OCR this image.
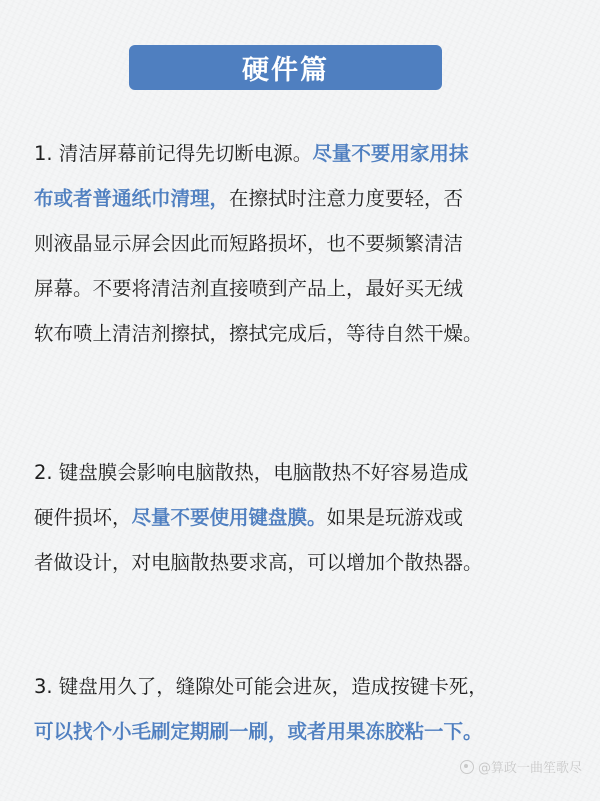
硬件篇
1. 清洁屏幕前记得先切断电源。尽量不要用家用抹
布或者普通纸巾清理，在擦拭时注意力度要轻，否
则液晶显示屏会因此而短路损坏，也不要频繁清洁
屏幕。不要将清洁剂直接喷到产品上，最好买无绒
软布喷上清洁剂擦拭，擦拭完成后，等待自然干燥。
2. 键盘膜会影响电脑散热，电脑散热不好容易造成
硬件损坏，尽量不要使用键盘膜。如果是玩游戏或
者做设计，对电脑散热要求高，可以增加个散热器。
3. 键盘用久了，缝隙处可能会进灰，造成按键卡死，
可以找个小毛刷定期刷一刷，或者用果冻胶粘一下。
@算政一曲笙歌尽
